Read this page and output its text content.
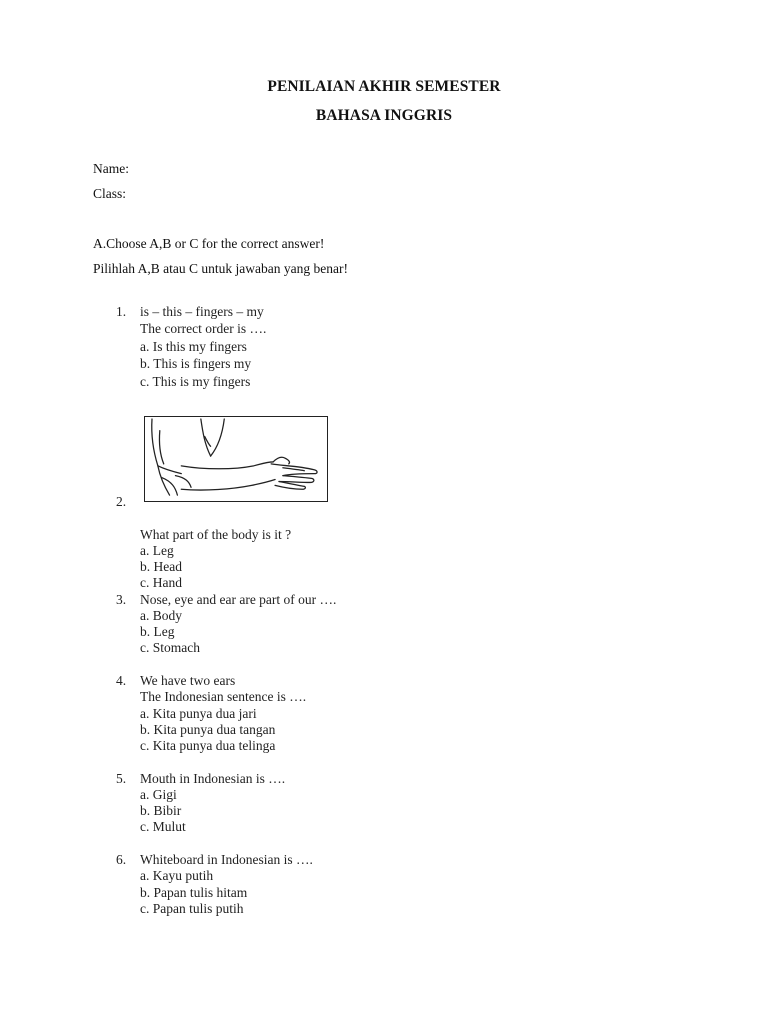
PENILAIAN AKHIR SEMESTER
BAHASA INGGRIS
Name:
Class:
A.Choose A,B or C for the correct answer!
Pilihlah A,B atau C untuk jawaban yang benar!
1. is – this – fingers – my
The correct order is ….
a. Is this my fingers
b. This is fingers my
c. This is my fingers
2.
What part of the body is it ?
a. Leg
b. Head
c. Hand
3. Nose, eye and ear are part of our ….
a. Body
b. Leg
c. Stomach
4. We have two ears
The Indonesian sentence is ….
a. Kita punya dua jari
b. Kita punya dua tangan
c. Kita punya dua telinga
5. Mouth in Indonesian is ….
a. Gigi
b. Bibir
c. Mulut
6. Whiteboard in Indonesian is ….
a. Kayu putih
b. Papan tulis hitam
c. Papan tulis putih
